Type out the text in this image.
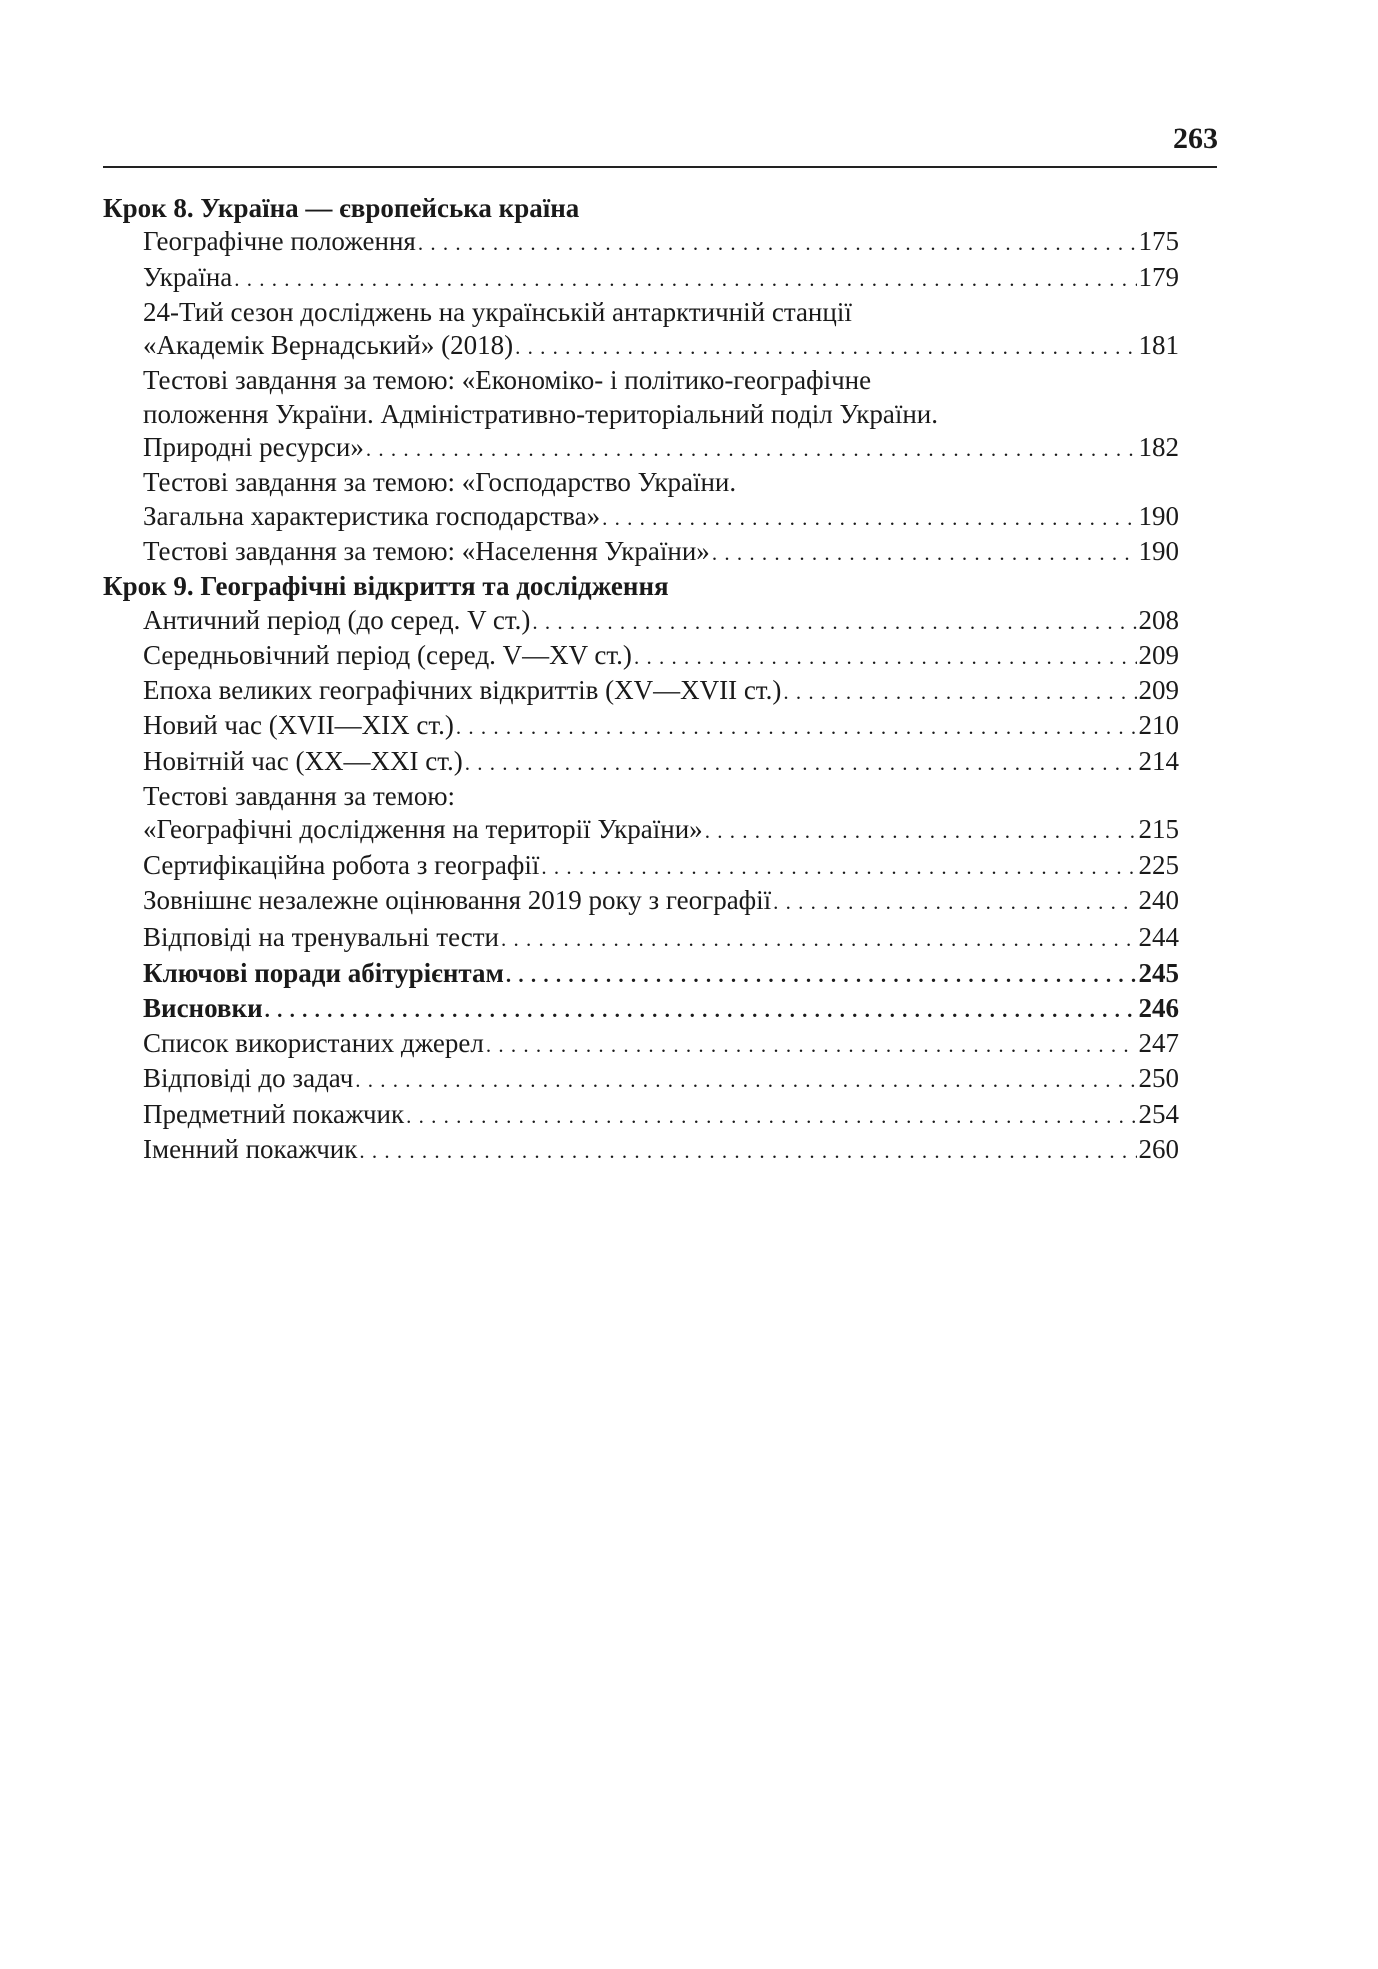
263
Крок 8. Україна — європейська країна
Географічне положення . . .	175
Україна . . .	179
24-Тий сезон досліджень на українській антарктичній станції
«Академік Вернадський» (2018) . . .	181
Тестові завдання за темою: «Економіко- і політико-географічне
положення України. Адміністративно-територіальний поділ України.
Природні ресурси» . . .	182
Тестові завдання за темою: «Господарство України.
Загальна характеристика господарства» . . .	190
Тестові завдання за темою: «Населення України» . . .	190
Крок 9. Географічні відкриття та дослідження
Античний період (до серед. V ст.) . . .	208
Середньовічний період (серед. V—XV ст.) . . .	209
Епоха великих географічних відкриттів (XV—XVII ст.) . . .	209
Новий час (XVII—XIX ст.) . . .	210
Новітній час (XX—XXI ст.) . . .	214
Тестові завдання за темою:
«Географічні дослідження на території України» . . .	215
Сертифікаційна робота з географії . . .	225
Зовнішнє незалежне оцінювання 2019 року з географії . . .	240
Відповіді на тренувальні тести . . .	244
Ключові поради абітурієнтам . . .	245
Висновки . . .	246
Список використаних джерел . . .	247
Відповіді до задач . . .	250
Предметний покажчик . . .	254
Іменний покажчик . . .	260
